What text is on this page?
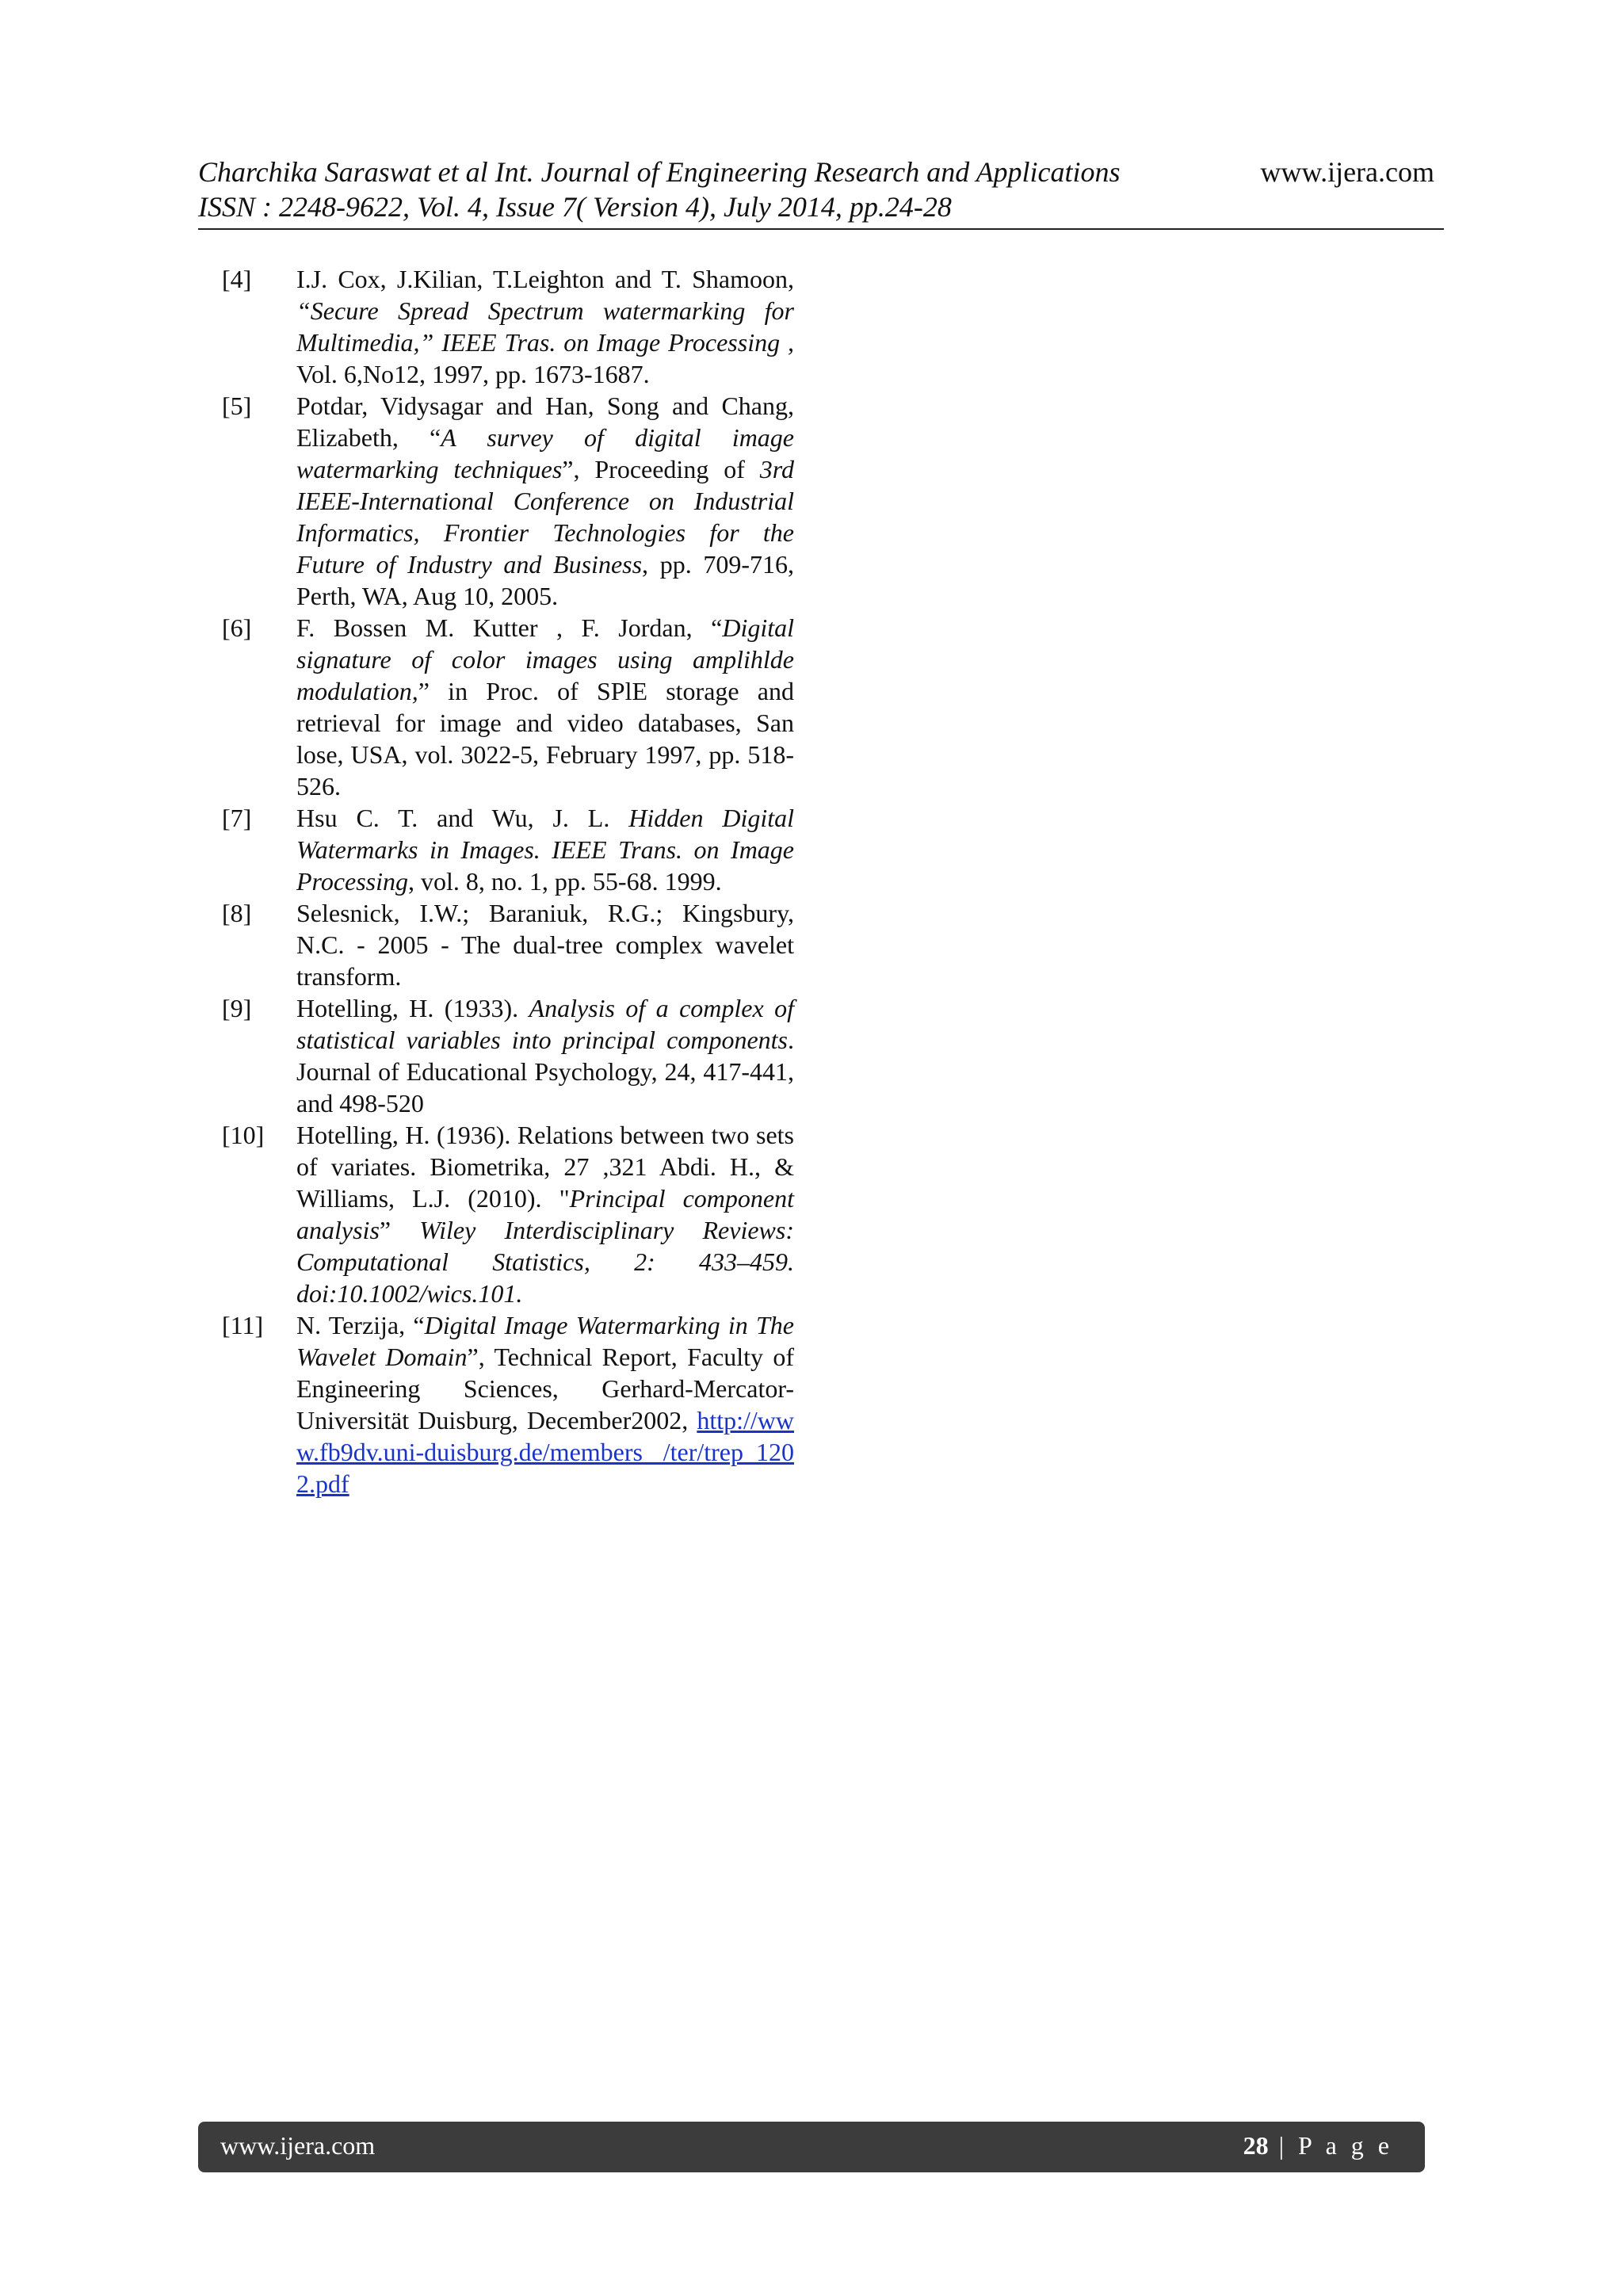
Charchika Saraswat et al Int. Journal of Engineering Research and Applications
ISSN : 2248-9622, Vol. 4, Issue 7( Version 4), July 2014, pp.24-28
www.ijera.com
[4]	I.J. Cox, J.Kilian, T.Leighton and T. Shamoon, “Secure Spread Spectrum watermarking for Multimedia,” IEEE Tras. on Image Processing , Vol. 6,No12, 1997, pp. 1673-1687.
[5]	Potdar, Vidysagar and Han, Song and Chang, Elizabeth, “A survey of digital image watermarking techniques”, Proceeding of 3rd IEEE-International Conference on Industrial Informatics, Frontier Technologies for the Future of Industry and Business, pp. 709-716, Perth, WA, Aug 10, 2005.
[6]	F. Bossen M. Kutter , F. Jordan, “Digital signature of color images using amplihlde modulation,” in Proc. of SPlE storage and retrieval for image and video databases, San lose, USA, vol. 3022-5, February 1997, pp. 518-526.
[7]	Hsu C. T. and Wu, J. L. Hidden Digital Watermarks in Images. IEEE Trans. on Image Processing, vol. 8, no. 1, pp. 55-68. 1999.
[8]	Selesnick, I.W.; Baraniuk, R.G.; Kingsbury, N.C. - 2005 - The dual-tree complex wavelet transform.
[9]	Hotelling, H. (1933). Analysis of a complex of statistical variables into principal components. Journal of Educational Psychology, 24, 417-441, and 498-520
[10]	Hotelling, H. (1936). Relations between two sets of variates. Biometrika, 27 ,321 Abdi. H., & Williams, L.J. (2010). "Principal component analysis” Wiley Interdisciplinary Reviews: Computational Statistics, 2: 433–459. doi:10.1002/wics.101.
[11]	N. Terzija, “Digital Image Watermarking in The Wavelet Domain”, Technical Report, Faculty of Engineering Sciences, Gerhard-Mercator-Universität Duisburg, December2002, http://www.fb9dv.uni-duisburg.de/members /ter/trep_1202.pdf
www.ijera.com	28 | P a g e
